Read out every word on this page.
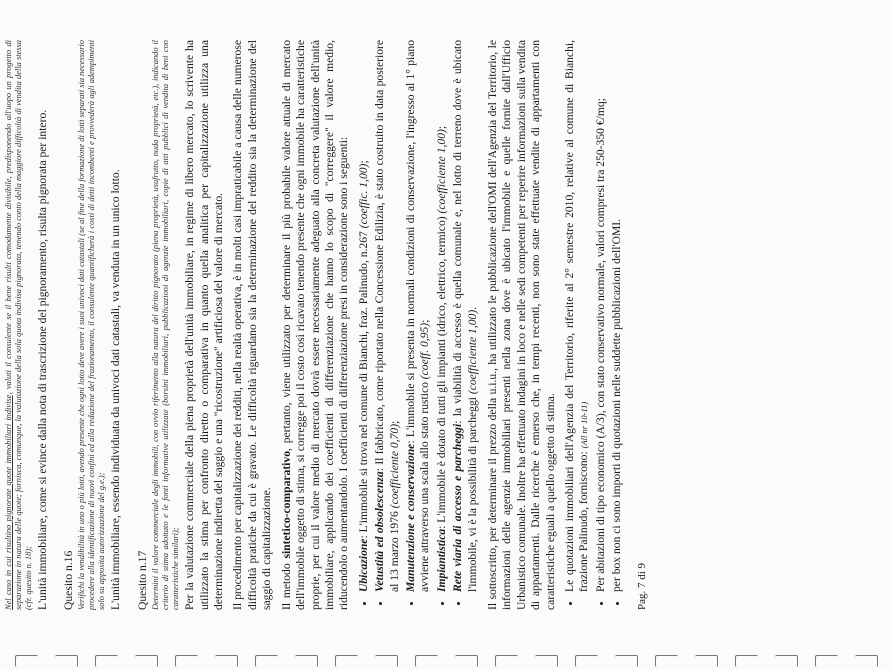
Nel caso in cui risultino pignorate quote immobiliari indivise, valuti il consulente se il bene risulti comodamente divisibile, predisponendo all'uopo un progetto di separazione in natura delle quote; fornisca, comunque, la valutazione della sola quota indivisa pignorata, tenendo conto della maggiore difficoltà di vendita della stessa (cfr. quesito n. 18); L'unità immobiliare, come si evince dalla nota di trascrizione del pignoramento, risulta pignorata per intero. Quesito n.16 Verifichi la vendibilità in uno o più lotti, avendo presente che ogni lotto deve avere i suoi univoci dati catastali (se al fine della formazione di lotti separati sia necessario procedere alla identificazione di nuovi confini ed alla redazione del frazionamento, il consulente quantificherà i costi di detti incombenti e provvederà agli adempimenti solo su apposita autorizzazione del g.e.); L'unità immobiliare, essendo individuata da univoci dati catastali, va venduta in un unico lotto. Quesito n.17 Determini il valore commerciale degli immobili, con ovvio riferimento alla natura del diritto pignorato (piena proprietà, usufrutto, nuda proprietà, etc.), indicando il criterio di stima adottato e le fonti informative utilizzate (borsini immobiliari, pubblicazioni di agenzie immobiliari, copie di atti pubblici di vendita di beni con caratteristiche similari); Per la valutazione commerciale della piena proprietà dell'unità immobiliare, in regime di libero mercato, lo scrivente ha utilizzato la stima per confronto diretto o comparativa in quanto quella analitica per capitalizzazione utilizza una determinazione indiretta del saggio e una "ricostruzione" artificiosa del valore di mercato. Il procedimento per capitalizzazione dei redditi, nella realtà operativa, è in molti casi impraticabile a causa delle numerose difficoltà pratiche da cui è gravato. Le difficoltà riguardano sia la determinazione del reddito sia la determinazione del saggio di capitalizzazione. Il metodo sintetico-comparativo, pertanto, viene utilizzato per determinare il più probabile valore attuale di mercato dell'immobile oggetto di stima, si corregge poi il costo così ricavato tenendo presente che ogni immobile ha caratteristiche proprie, per cui il valore medio di mercato dovrà essere necessariamente adeguato alla concreta valutazione dell'unità immobiliare, applicando dei coefficienti di differenziazione che hanno lo scopo di "correggere" il valore medio, riducendolo o aumentandolo. I coefficienti di differenziazione presi in considerazione sono i seguenti: • Ubicazione: L'immobile si trova nel comune di Bianchi, fraz. Palinudo, n.267 (coeffic. 1,00);
• Vetustità ed obsolescenza: Il fabbricato, come riportato nella Concessione Edilizia, è stato costruito in data posteriore al 13 marzo 1976 (coefficiente 0,70);
• Manutenzione e conservazione: L'immobile si presenta in normali condizioni di conservazione, l'ingresso al 1° piano avviene attraverso una scala allo stato rustico (coeff. 0,95);
• Impiantistica: L'immobile è dotato di tutti gli impianti (idrico, elettrico, termico) (coefficiente 1,00);
• Rete viaria di accesso e parcheggi: la viabilità di accesso è quella comunale e, nel lotto di terreno dove è ubicato l'immobile, vi è la possibilità di parcheggi (coefficiente 1,00). Il sottoscritto, per determinare il prezzo della u.i.u., ha utilizzato le pubblicazione dell'OMI dell'Agenzia del Territorio, le informazioni delle agenzie immobiliari presenti nella zona dove è ubicato l'immobile e quelle fornite dall'Ufficio Urbanistico comunale. Inoltre ha effettuato indagini in loco e nelle sedi competenti per reperire informazioni sulla vendita di appartamenti. Dalle ricerche è emerso che, in tempi recenti, non sono state effettuate vendite di appartamenti con caratteristiche eguali a quello oggetto di stima. • Le quotazioni immobiliari dell'Agenzia del Territorio, riferite al 2° semestre 2010, relative al comune di Bianchi, frazione Palinudo, forniscono: (All nr 10-11) • Per abitazioni di tipo economico (A/3), con stato conservativo normale, valori compresi tra 250-350 €/mq; • per box non ci sono importi di quotazioni nelle suddette pubblicazioni dell'OMI. Pag. 7 di 9
